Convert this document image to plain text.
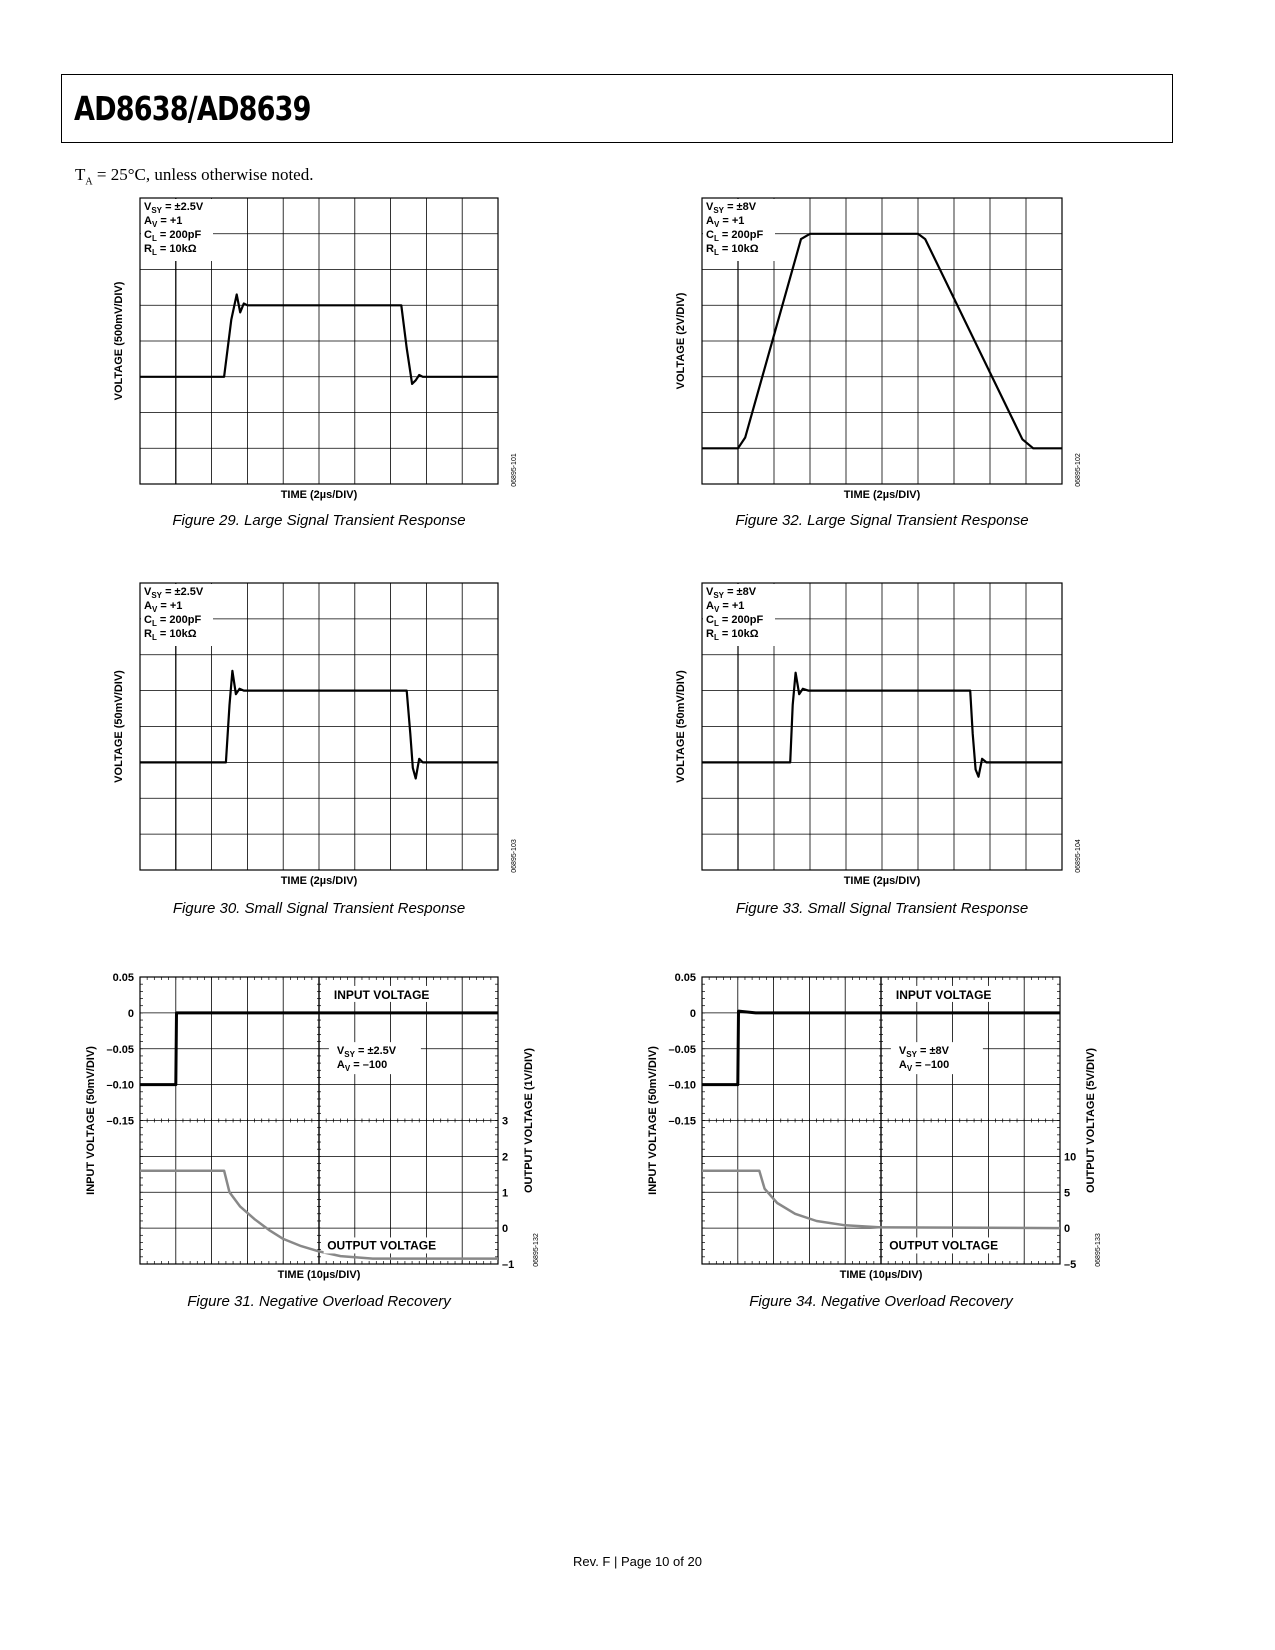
AD8638/AD8639
$T_A = 25^\circ C$, unless otherwise noted.
$V_{SY} = \pm 2.5V$
$A_V = +1$
$C_L = 200pF$
$R_L = 10k\Omega$
TIME (2µs/DIV)
VOLTAGE (500mV/DIV)
06895-101
$V_{SY} = \pm 2.5V$
$A_V = +1$
$C_L = 200pF$
$R_L = 10k\Omega$
TIME (2µs/DIV)
VOLTAGE (50mV/DIV)
06895-103
$V_{SY} = \pm 2.5V$
$A_V = -100$
INPUT VOLTAGE
OUTPUT VOLTAGE
0.05
0
–0.05
–0.10
–0.15	3
2
1
0
–1
OUTPUT VOLTAGE (1V/DIV)
TIME (10µs/DIV)
INPUT VOLTAGE (50mV/DIV)
06895-132
$V_{SY} = \pm 8V$
$A_V = +1$
$C_L = 200pF$
$R_L = 10k\Omega$
TIME (2µs/DIV)
VOLTAGE (2V/DIV)
06895-102
$V_{SY} = \pm 8V$
$A_V = +1$
$C_L = 200pF$
$R_L = 10k\Omega$
TIME (2µs/DIV)
VOLTAGE (50mV/DIV)
06895-104
$V_{SY} = \pm 8V$
$A_V = -100$
INPUT VOLTAGE
OUTPUT VOLTAGE
0.05
0
–0.05
–0.10
–0.15
10
5
0
–5
OUTPUT VOLTAGE (5V/DIV)
TIME (10µs/DIV)
INPUT VOLTAGE (50mV/DIV)
06895-133
Figure 29. Large Signal Transient Response
Figure 30. Small Signal Transient Response
Figure 31. Negative Overload Recovery
Figure 32. Large Signal Transient Response
Figure 33. Small Signal Transient Response
Figure 34. Negative Overload Recovery
Rev. F | Page 10 of 20
